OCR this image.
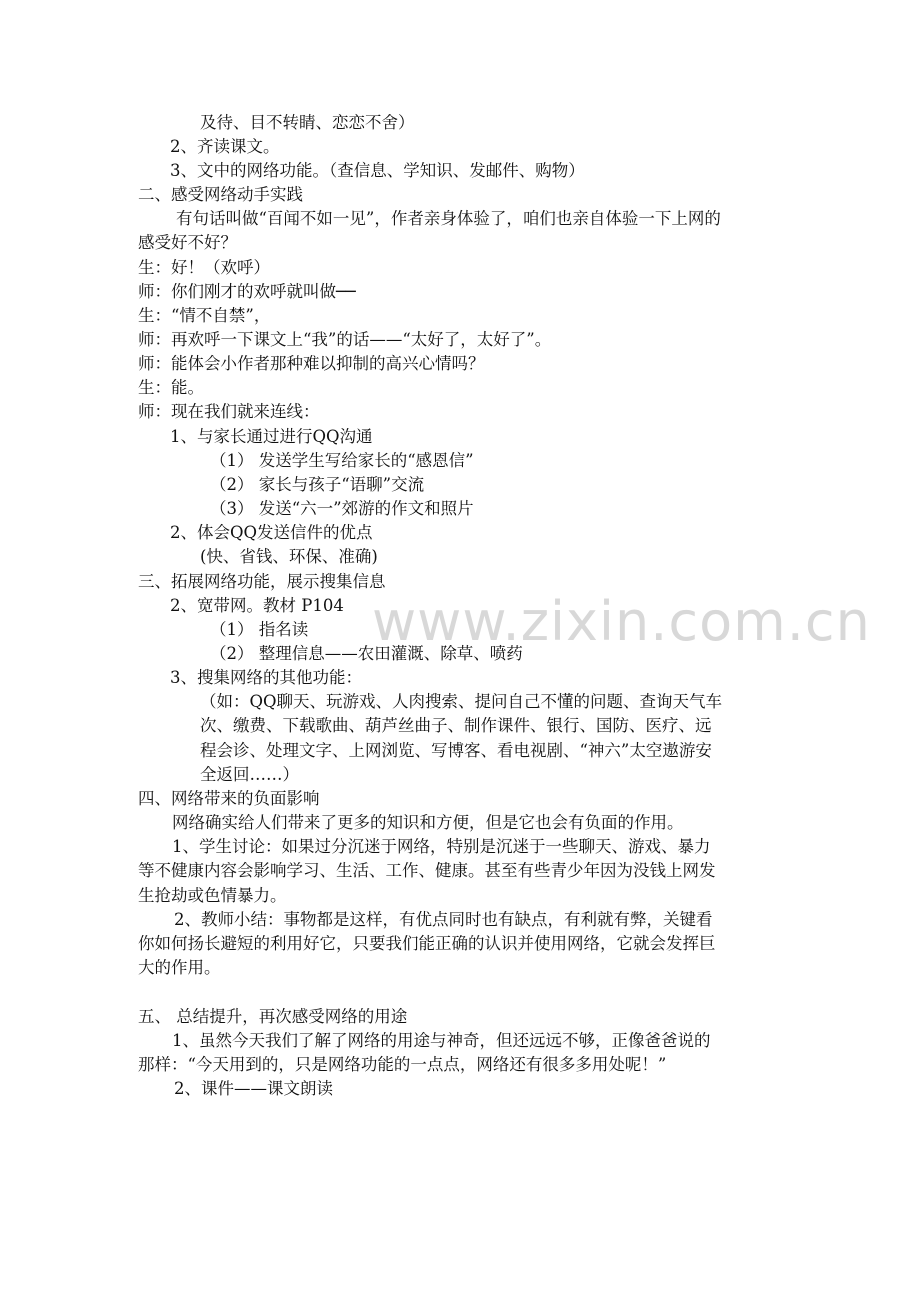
www.zixin.com.cn
及待、目不转睛、恋恋不舍）
2、齐读课文。
3、文中的网络功能。（查信息、学知识、发邮件、购物）
二、感受网络动手实践
有句话叫做“百闻不如一见”，作者亲身体验了，咱们也亲自体验一下上网的
感受好不好？
生：好！（欢呼）
师：你们刚才的欢呼就叫做──
生：“情不自禁”，
师：再欢呼一下课文上“我”的话——“太好了，太好了”。
师：能体会小作者那种难以抑制的高兴心情吗？
生：能。
师：现在我们就来连线：
1、与家长通过进行QQ沟通
（1） 发送学生写给家长的“感恩信”
（2） 家长与孩子“语聊”交流
（3） 发送“六一”郊游的作文和照片
2、体会QQ发送信件的优点
(快、省钱、环保、准确)
三、拓展网络功能，展示搜集信息
2、宽带网。教材 P104
（1） 指名读
（2） 整理信息——农田灌溉、除草、喷药
3、搜集网络的其他功能：
（如：QQ聊天、玩游戏、人肉搜索、提问自己不懂的问题、查询天气车
次、缴费、下载歌曲、葫芦丝曲子、制作课件、银行、国防、医疗、远
程会诊、处理文字、上网浏览、写博客、看电视剧、“神六”太空遨游安
全返回……）
四、网络带来的负面影响
网络确实给人们带来了更多的知识和方便，但是它也会有负面的作用。
1、学生讨论：如果过分沉迷于网络，特别是沉迷于一些聊天、游戏、暴力
等不健康内容会影响学习、生活、工作、健康。甚至有些青少年因为没钱上网发
生抢劫或色情暴力。
2、教师小结：事物都是这样，有优点同时也有缺点，有利就有弊，关键看
你如何扬长避短的利用好它，只要我们能正确的认识并使用网络，它就会发挥巨
大的作用。
五、 总结提升，再次感受网络的用途
1、虽然今天我们了解了网络的用途与神奇，但还远远不够，正像爸爸说的
那样：“今天用到的，只是网络功能的一点点，网络还有很多多用处呢！”
2、课件——课文朗读
